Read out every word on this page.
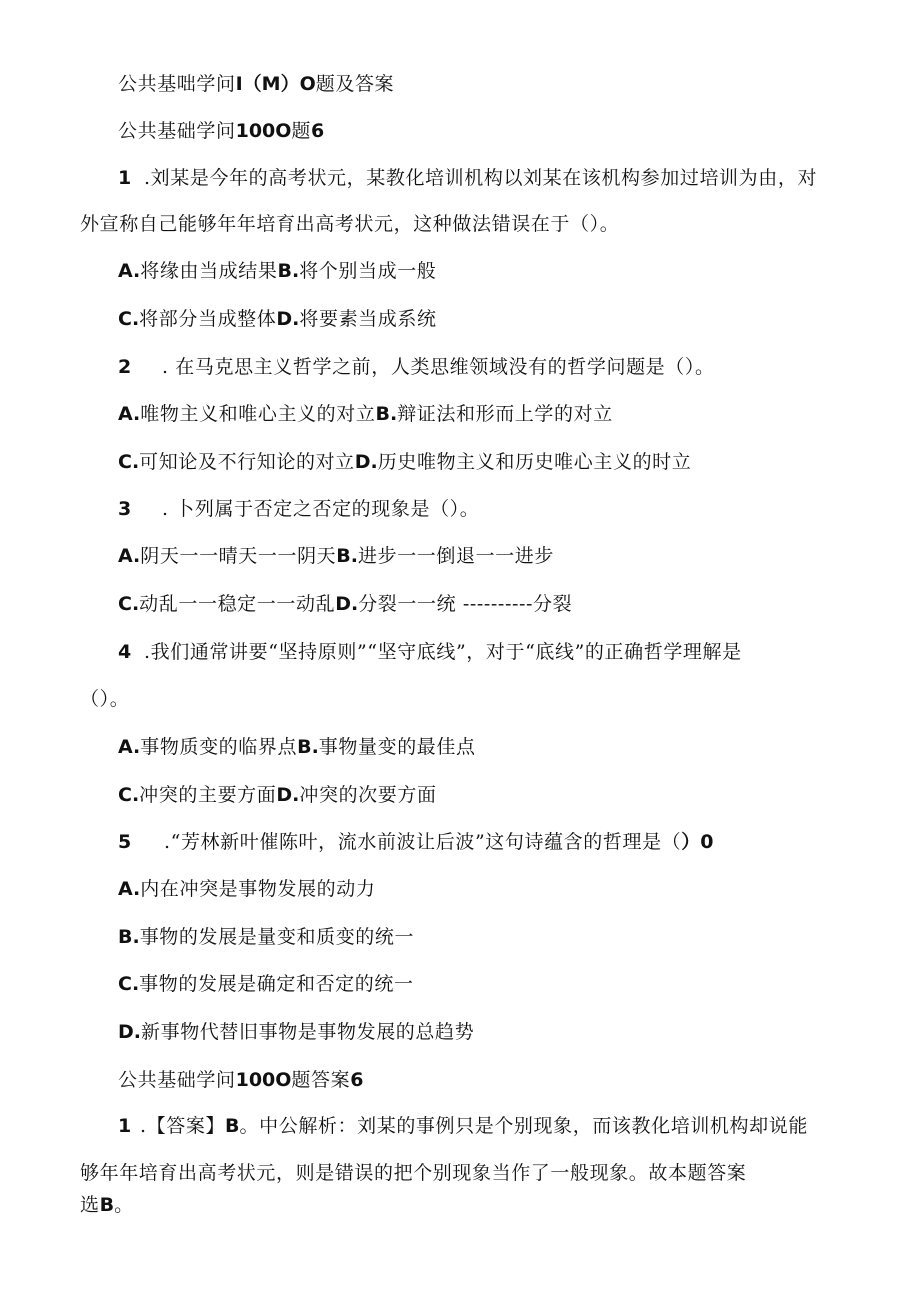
公共基咄学问I（M）O题及答案
公共基础学问100O题6
1 .刘某是今年的高考状元，某教化培训机构以刘某在该机构参加过培训为由，对
外宣称自己能够年年培育出高考状元，这种做法错误在于（）。
A.将缘由当成结果B.将个别当成一般
C.将部分当成整体D.将要素当成系统
2 . 在马克思主义哲学之前，人类思维领域没有的哲学问题是（）。
A.唯物主义和唯心主义的对立B.辩证法和形而上学的对立
C.可知论及不行知论的对立D.历史唯物主义和历史唯心主义的时立
3 . 卜列属于否定之否定的现象是（）。
A.阴天一一晴天一一阴天B.进步一一倒退一一进步
C.动乱一一稳定一一动乱D.分裂一一统 ----------分裂
4 .我们通常讲要“坚持原则”“坚守底线”，对于“底线”的正确哲学理解是
（）。
A.事物质变的临界点B.事物量变的最佳点
C.冲突的主要方面D.冲突的次要方面
5 .“芳林新叶催陈叶，流水前波让后波”这句诗蕴含的哲理是（）0
A.内在冲突是事物发展的动力
B.事物的发展是量变和质变的统一
C.事物的发展是确定和否定的统一
D.新事物代替旧事物是事物发展的总趋势
公共基础学问100O题答案6
1 .【答案】B。中公解析：刘某的事例只是个别现象，而该教化培训机构却说能
够年年培育出高考状元，则是错误的把个别现象当作了一般现象。故本题答案
选B。
